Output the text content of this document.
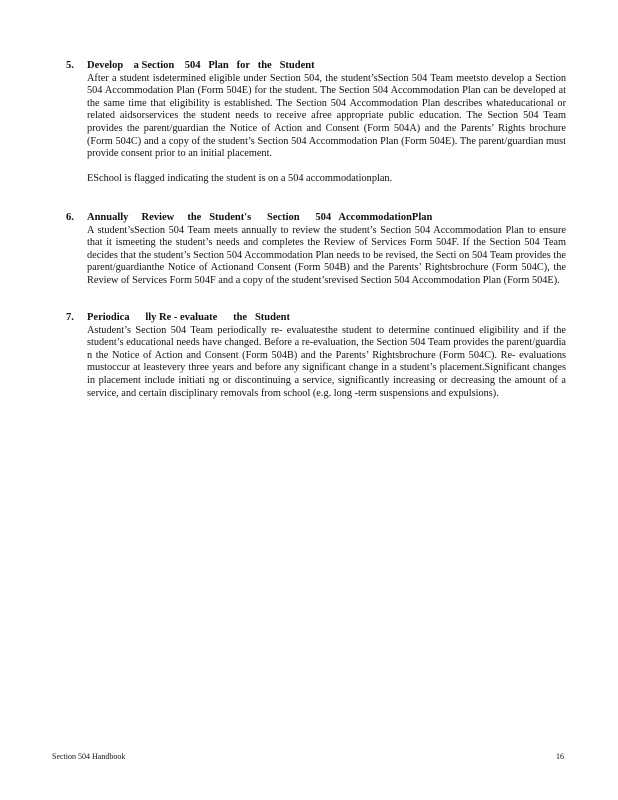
5. Develop    a Section    504   Plan   for   the   Student
After a student isdetermined eligible under Section 504, the student’sSection 504 Team meetsto develop a Section 504 Accommodation Plan (Form 504E) for the student. The Section 504 Accommodation Plan can be developed at the same time that eligibility is established. The Section 504 Accommodation Plan describes whateducational or related aidsorservices the student needs to receive afree appropriate public education. The Section 504 Team provides the parent/guardian the Notice of Action and Consent (Form 504A) and the Parents’ Rights brochure (Form 504C) and a copy of the student’s Section 504 Accommodation Plan (Form 504E). The parent/guardian must provide consent prior to an initial placement.
ESchool is flagged indicating the student is on a 504 accommodationplan.
6. Annually     Review     the   Student's      Section      504   AccommodationPlan
A student’sSection 504 Team meets annually to review the student’s Section 504 Accommodation Plan to ensure that it ismeeting the student’s needs and completes the Review of Services Form 504F. If the Section 504 Team decides that the student’s Section 504 Accommodation Plan needs to be revised, the Secti on 504 Team provides the parent/guardianthe Notice of Actionand Consent (Form 504B) and the Parents’ Rightsbrochure (Form 504C), the Review of Services Form 504F and a copy of the student’srevised Section 504 Accommodation Plan (Form 504E).
7. Periodica      lly Re - evaluate      the   Student
Astudent’s Section 504 Team periodically re- evaluatesthe student to determine continued eligibility and if the student’s educational needs have changed. Before a re-evaluation, the Section 504 Team provides the parent/guardia n the Notice of Action and Consent (Form 504B) and the Parents’ Rightsbrochure (Form 504C). Re- evaluations mustoccur at leastevery three years and before any significant change in a student’s placement.Significant changes in placement include initiati ng or discontinuing a service, significantly increasing or decreasing the amount of a service, and certain disciplinary removals from school (e.g. long -term suspensions and expulsions).
Section 504 Handbook	16
